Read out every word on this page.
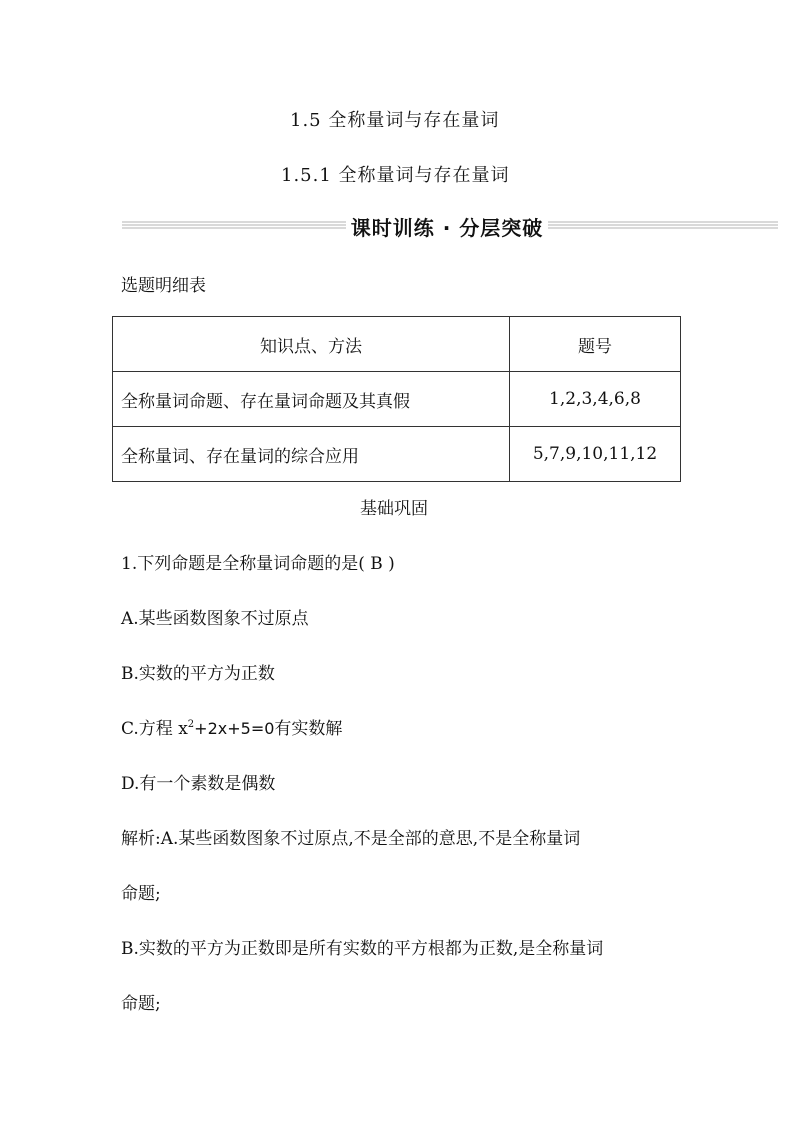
1.5 全称量词与存在量词
1.5.1 全称量词与存在量词
课时训练 · 分层突破
选题明细表
知识点、方法	题号
全称量词命题、存在量词命题及其真假	1,2,3,4,6,8
全称量词、存在量词的综合应用	5,7,9,10,11,12
基础巩固
1.下列命题是全称量词命题的是( B )
A.某些函数图象不过原点
B.实数的平方为正数
C.方程 $x^2+2x+5=0$有实数解
D.有一个素数是偶数
解析:A.某些函数图象不过原点,不是全部的意思,不是全称量词
命题;
B.实数的平方为正数即是所有实数的平方根都为正数,是全称量词
命题;
